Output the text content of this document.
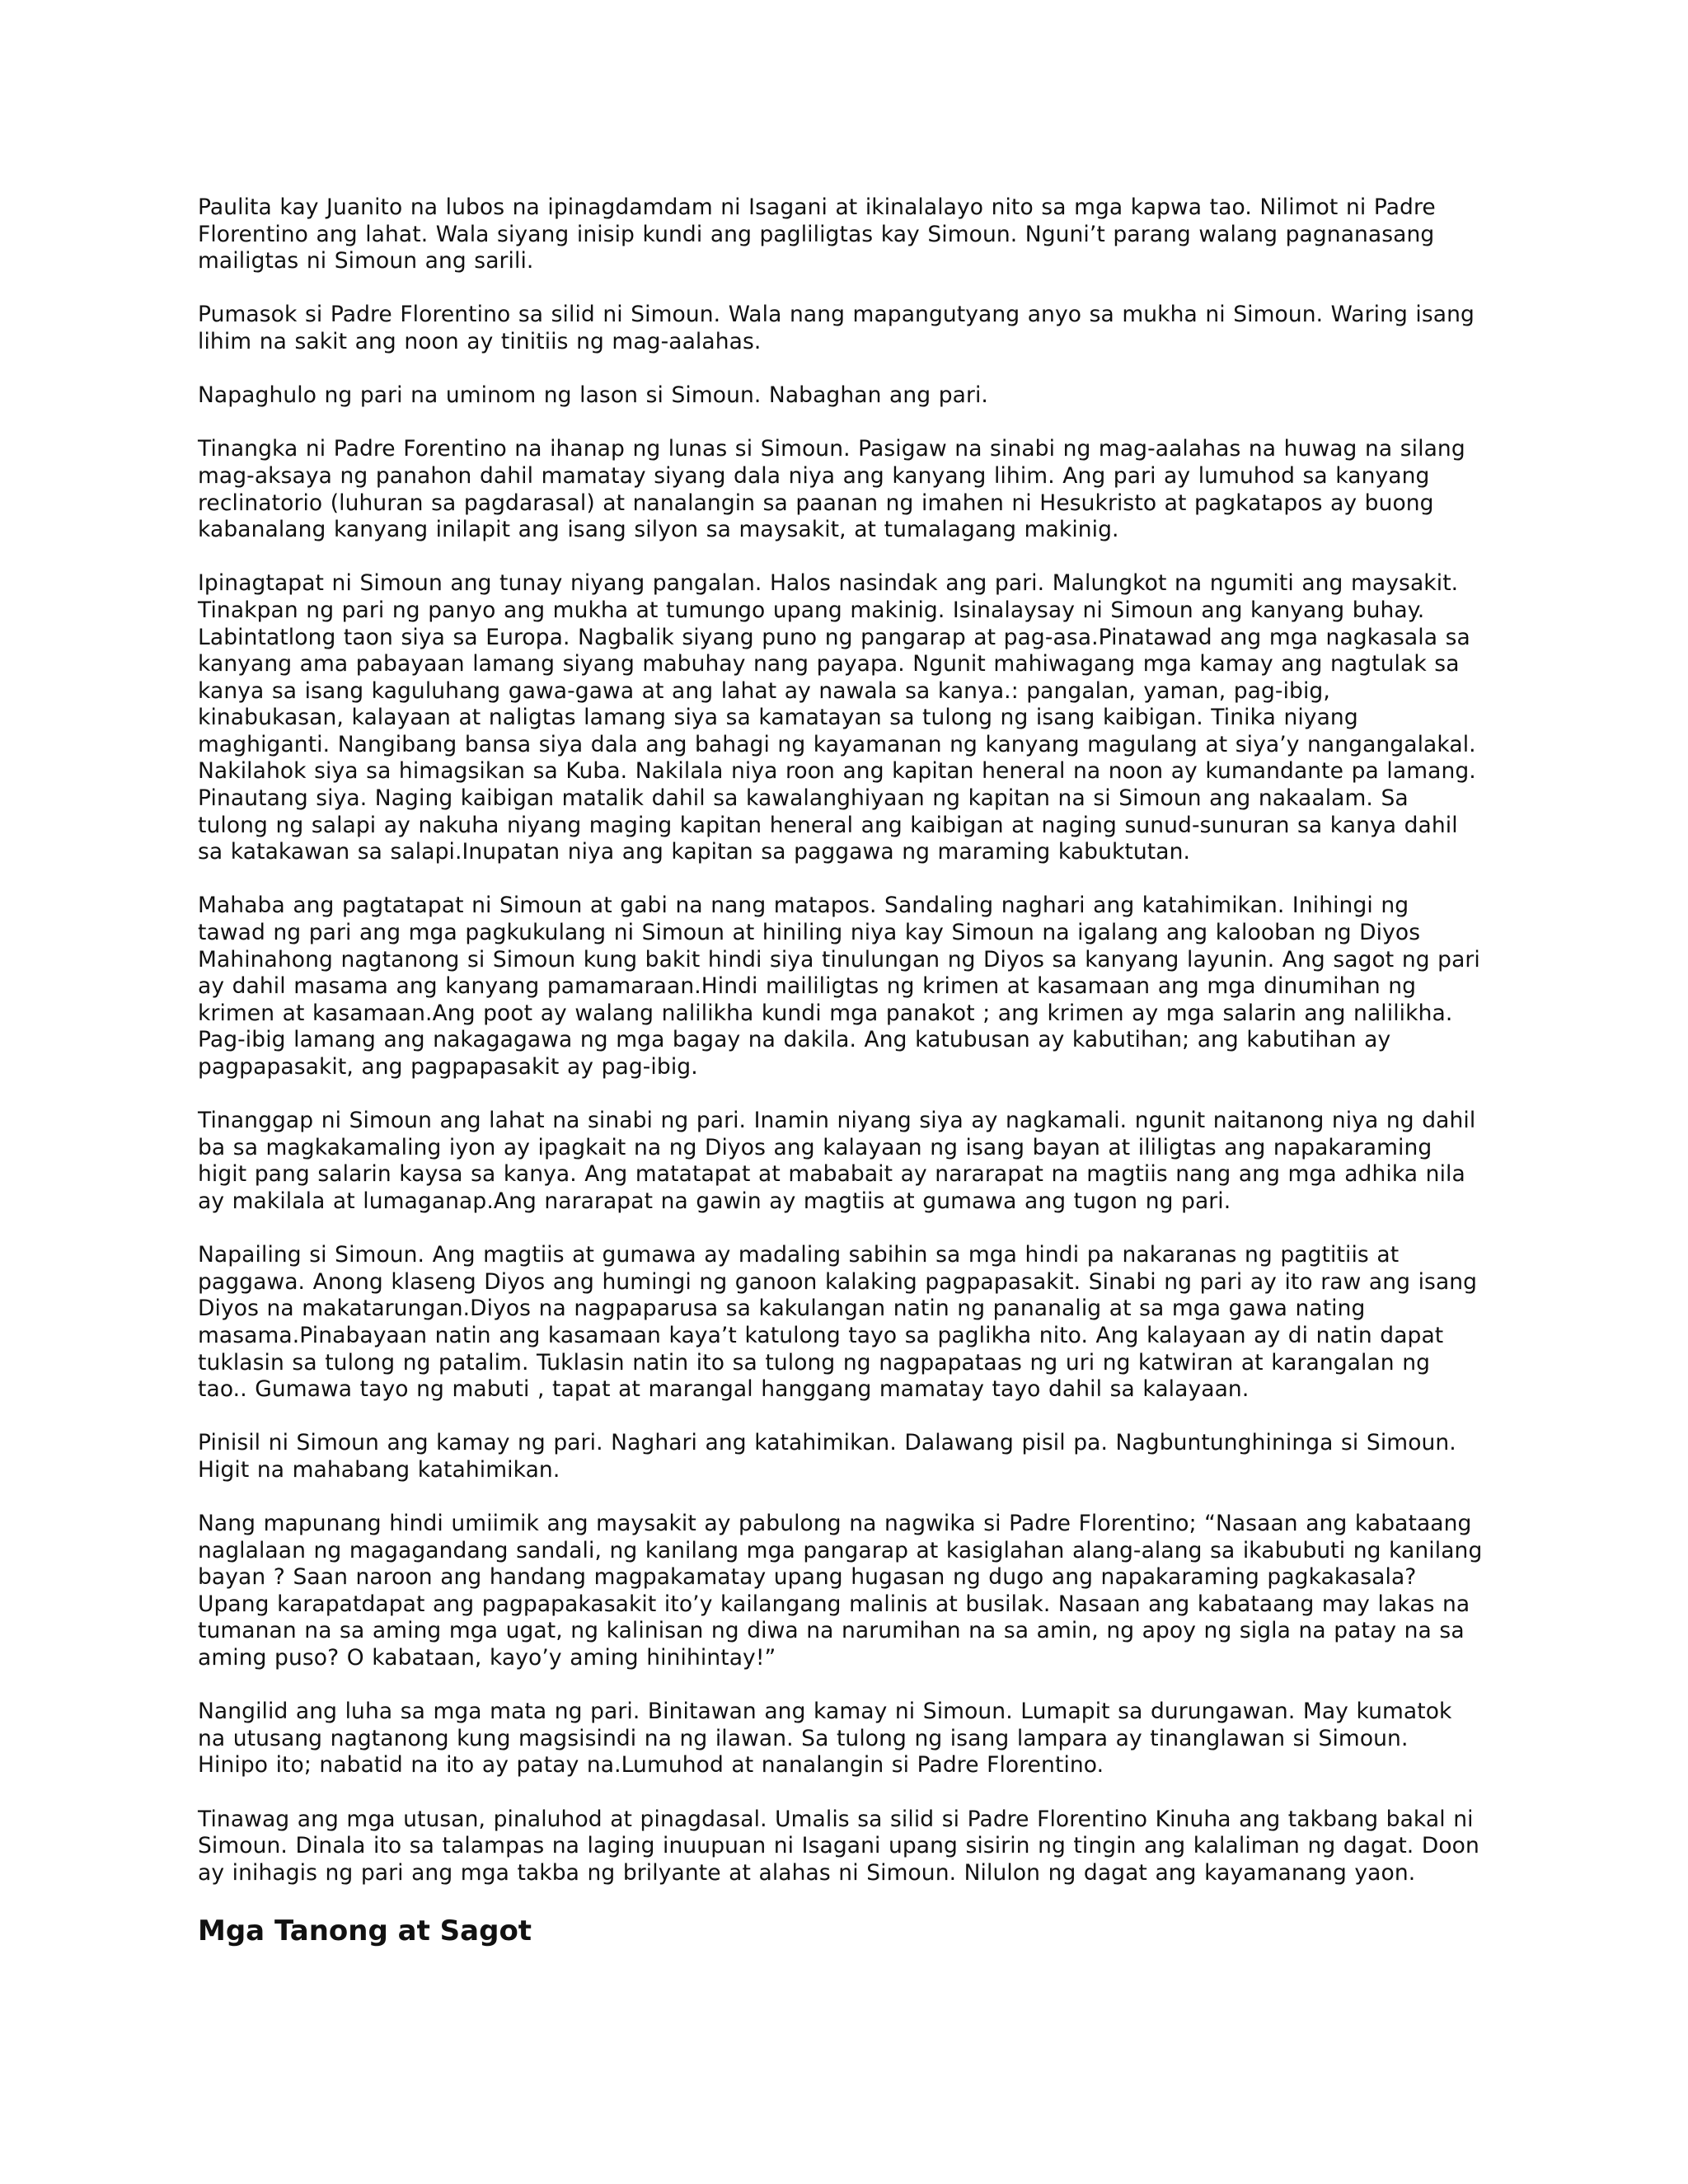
Paulita kay Juanito na lubos na ipinagdamdam ni Isagani at ikinalalayo nito sa mga kapwa tao. Nilimot ni Padre Florentino ang lahat. Wala siyang inisip kundi ang pagliligtas kay Simoun. Nguni’t parang walang pagnanasang mailigtas ni Simoun ang sarili.

Pumasok si Padre Florentino sa silid ni Simoun. Wala nang mapangutyang anyo sa mukha ni Simoun. Waring isang lihim na sakit ang noon ay tinitiis ng mag-aalahas.

Napaghulo ng pari na uminom ng lason si Simoun. Nabaghan ang pari.

Tinangka ni Padre Forentino na ihanap ng lunas si Simoun. Pasigaw na sinabi ng mag-aalahas na huwag na silang mag-aksaya ng panahon dahil mamatay siyang dala niya ang kanyang lihim. Ang pari ay lumuhod sa kanyang reclinatorio (luhuran sa pagdarasal) at nanalangin sa paanan ng imahen ni Hesukristo at pagkatapos ay buong kabanalang kanyang inilapit ang isang silyon sa maysakit, at tumalagang makinig.

Ipinagtapat ni Simoun ang tunay niyang pangalan. Halos nasindak ang pari. Malungkot na ngumiti ang maysakit. Tinakpan ng pari ng panyo ang mukha at tumungo upang makinig. Isinalaysay ni Simoun ang kanyang buhay. Labintatlong taon siya sa Europa. Nagbalik siyang puno ng pangarap at pag-asa.Pinatawad ang mga nagkasala sa kanyang ama pabayaan lamang siyang mabuhay nang payapa. Ngunit mahiwagang mga kamay ang nagtulak sa kanya sa isang kaguluhang gawa-gawa at ang lahat ay nawala sa kanya.: pangalan, yaman, pag-ibig, kinabukasan, kalayaan at naligtas lamang siya sa kamatayan sa tulong ng isang kaibigan. Tinika niyang maghiganti. Nangibang bansa siya dala ang bahagi ng kayamanan ng kanyang magulang at siya’y nangangalakal. Nakilahok siya sa himagsikan sa Kuba. Nakilala niya roon ang kapitan heneral na noon ay kumandante pa lamang. Pinautang siya. Naging kaibigan matalik dahil sa kawalanghiyaan ng kapitan na si Simoun ang nakaalam. Sa tulong ng salapi ay nakuha niyang maging kapitan heneral ang kaibigan at naging sunud-sunuran sa kanya dahil sa katakawan sa salapi.Inupatan niya ang kapitan sa paggawa ng maraming kabuktutan.

Mahaba ang pagtatapat ni Simoun at gabi na nang matapos. Sandaling naghari ang katahimikan. Inihingi ng tawad ng pari ang mga pagkukulang ni Simoun at hiniling niya kay Simoun na igalang ang kalooban ng Diyos Mahinahong nagtanong si Simoun kung bakit hindi siya tinulungan ng Diyos sa kanyang layunin. Ang sagot ng pari ay dahil masama ang kanyang pamamaraan.Hindi maililigtas ng krimen at kasamaan ang mga dinumihan ng krimen at kasamaan.Ang poot ay walang nalilikha kundi mga panakot ; ang krimen ay mga salarin ang nalilikha. Pag-ibig lamang ang nakagagawa ng mga bagay na dakila. Ang katubusan ay kabutihan; ang kabutihan ay pagpapasakit, ang pagpapasakit ay pag-ibig.

Tinanggap ni Simoun ang lahat na sinabi ng pari. Inamin niyang siya ay nagkamali. ngunit naitanong niya ng dahil ba sa magkakamaling iyon ay ipagkait na ng Diyos ang kalayaan ng isang bayan at ililigtas ang napakaraming higit pang salarin kaysa sa kanya. Ang matatapat at mababait ay nararapat na magtiis nang ang mga adhika nila ay makilala at lumaganap.Ang nararapat na gawin ay magtiis at gumawa ang tugon ng pari.

Napailing si Simoun. Ang magtiis at gumawa ay madaling sabihin sa mga hindi pa nakaranas ng pagtitiis at paggawa. Anong klaseng Diyos ang humingi ng ganoon kalaking pagpapasakit. Sinabi ng pari ay ito raw ang isang Diyos na makatarungan.Diyos na nagpaparusa sa kakulangan natin ng pananalig at sa mga gawa nating masama.Pinabayaan natin ang kasamaan kaya’t katulong tayo sa paglikha nito. Ang kalayaan ay di natin dapat tuklasin sa tulong ng patalim. Tuklasin natin ito sa tulong ng nagpapataas ng uri ng katwiran at karangalan ng tao.. Gumawa tayo ng mabuti , tapat at marangal hanggang mamatay tayo dahil sa kalayaan.

Pinisil ni Simoun ang kamay ng pari. Naghari ang katahimikan. Dalawang pisil pa. Nagbuntunghininga si Simoun. Higit na mahabang katahimikan.

Nang mapunang hindi umiimik ang maysakit ay pabulong na nagwika si Padre Florentino; “Nasaan ang kabataang naglalaan ng magagandang sandali, ng kanilang mga pangarap at kasiglahan alang-alang sa ikabubuti ng kanilang bayan ? Saan naroon ang handang magpakamatay upang hugasan ng dugo ang napakaraming pagkakasala? Upang karapatdapat ang pagpapakasakit ito’y kailangang malinis at busilak. Nasaan ang kabataang may lakas na tumanan na sa aming mga ugat, ng kalinisan ng diwa na narumihan na sa amin, ng apoy ng sigla na patay na sa aming puso? O kabataan, kayo’y aming hinihintay!”

Nangilid ang luha sa mga mata ng pari. Binitawan ang kamay ni Simoun. Lumapit sa durungawan. May kumatok na utusang nagtanong kung magsisindi na ng ilawan. Sa tulong ng isang lampara ay tinanglawan si Simoun. Hinipo ito; nabatid na ito ay patay na.Lumuhod at nanalangin si Padre Florentino.

Tinawag ang mga utusan, pinaluhod at pinagdasal. Umalis sa silid si Padre Florentino Kinuha ang takbang bakal ni Simoun. Dinala ito sa talampas na laging inuupuan ni Isagani upang sisirin ng tingin ang kalaliman ng dagat. Doon ay inihagis ng pari ang mga takba ng brilyante at alahas ni Simoun. Nilulon ng dagat ang kayamanang yaon.

Mga Tanong at Sagot
